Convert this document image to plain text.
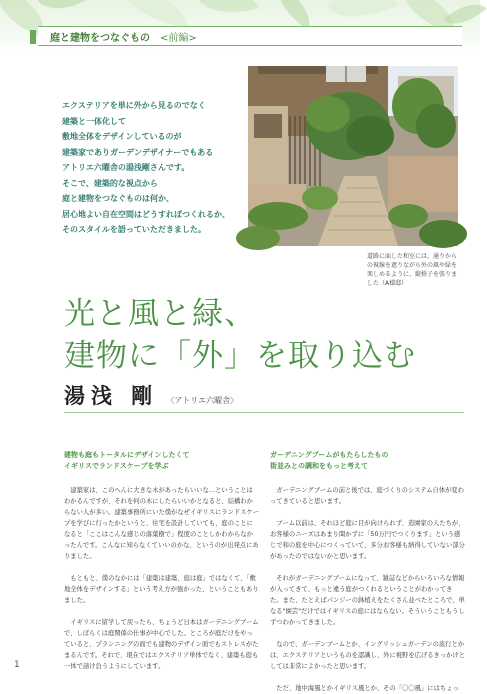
庭と建物をつなぐもの <前編>

エクステリアを単に外から見るのでなく

建築と一体化して

敷地全体をデザインしているのが

建築家でありガーデンデザイナーでもある

アトリエ六曜舎の湯浅剛さんです。

そこで、建築的な視点から

庭と建物をつなぐものは何か、

居心地よい自在空間はどうすればつくれるか、

そのスタイルを語っていただきました。

道路に面した和室には、通りからの視線を遮りながら外の風や緑を楽しめるように、縦格子を張りました（A様邸）
光と風と緑、
建物に「外」を取り込む
湯浅 剛 〈アトリエ六曜舎〉
建物も庭もトータルにデザインしたくて
イギリスでランドスケープを学ぶ

建築家は、このへんに大きな木があったらいいな…ということはわかるんですが、それを何の木にしたらいいかとなると、結構わからない人が多い。建築事務所にいた僕がなぜイギリスにランドスケープを学びに行ったかというと、住宅を設計していても、庭のことになると「ここはこんな感じの落葉樹で」程度のことしかわからなかったんです。こんなに知らなくていいのかな、というのが出発点にありました。

もともと、僕のなかには「建築は建築、庭は庭」ではなくて、「敷地全体をデザインする」という考え方が強かった、ということもありました。

イギリスに留学して戻ったら、ちょうど日本はガーデニングブームで、しばらくは庭関係の仕事が中心でした。ところが庭だけをやっていると、プランニングの面でも建物のデザイン面でもストレスがたまるんです。それで、現在ではエクステリア単体でなく、建築も庭も一体で請け負うようにしています。

ガーデニングブームがもたらしたもの
街並みとの調和をもっと考えて

ガーデニングブームの前と後では、庭づくりのシステム自体が変わってきていると思います。

ブーム以前は、それほど庭に目が向けられず、造園家の人たちが、お客様のニーズはあまり聞かずに「50万円でつくります」という感じで和の庭を中心につくっていて、多分お客様も納得していない部分があったのではないかと思います。

それがガーデニングブームになって、雑誌などからいろいろな情報が入ってきて、もっと違う庭がつくれるということがわかってきた。また、たとえばパンジーの鉢植えをたくさん並べたところで、単なる"園芸"だけではイギリスの庭にはならない。そういうこともうしずつわかってきました。

なので、ガーデンブームとか、イングリッシュガーデンの流行とかは、エクステリアというものを認識し、外に視野を広げるきっかけとしては非常によかったと思います。

ただ、地中海風とかイギリス風とか、その「〇〇風」にはちょっ

1
